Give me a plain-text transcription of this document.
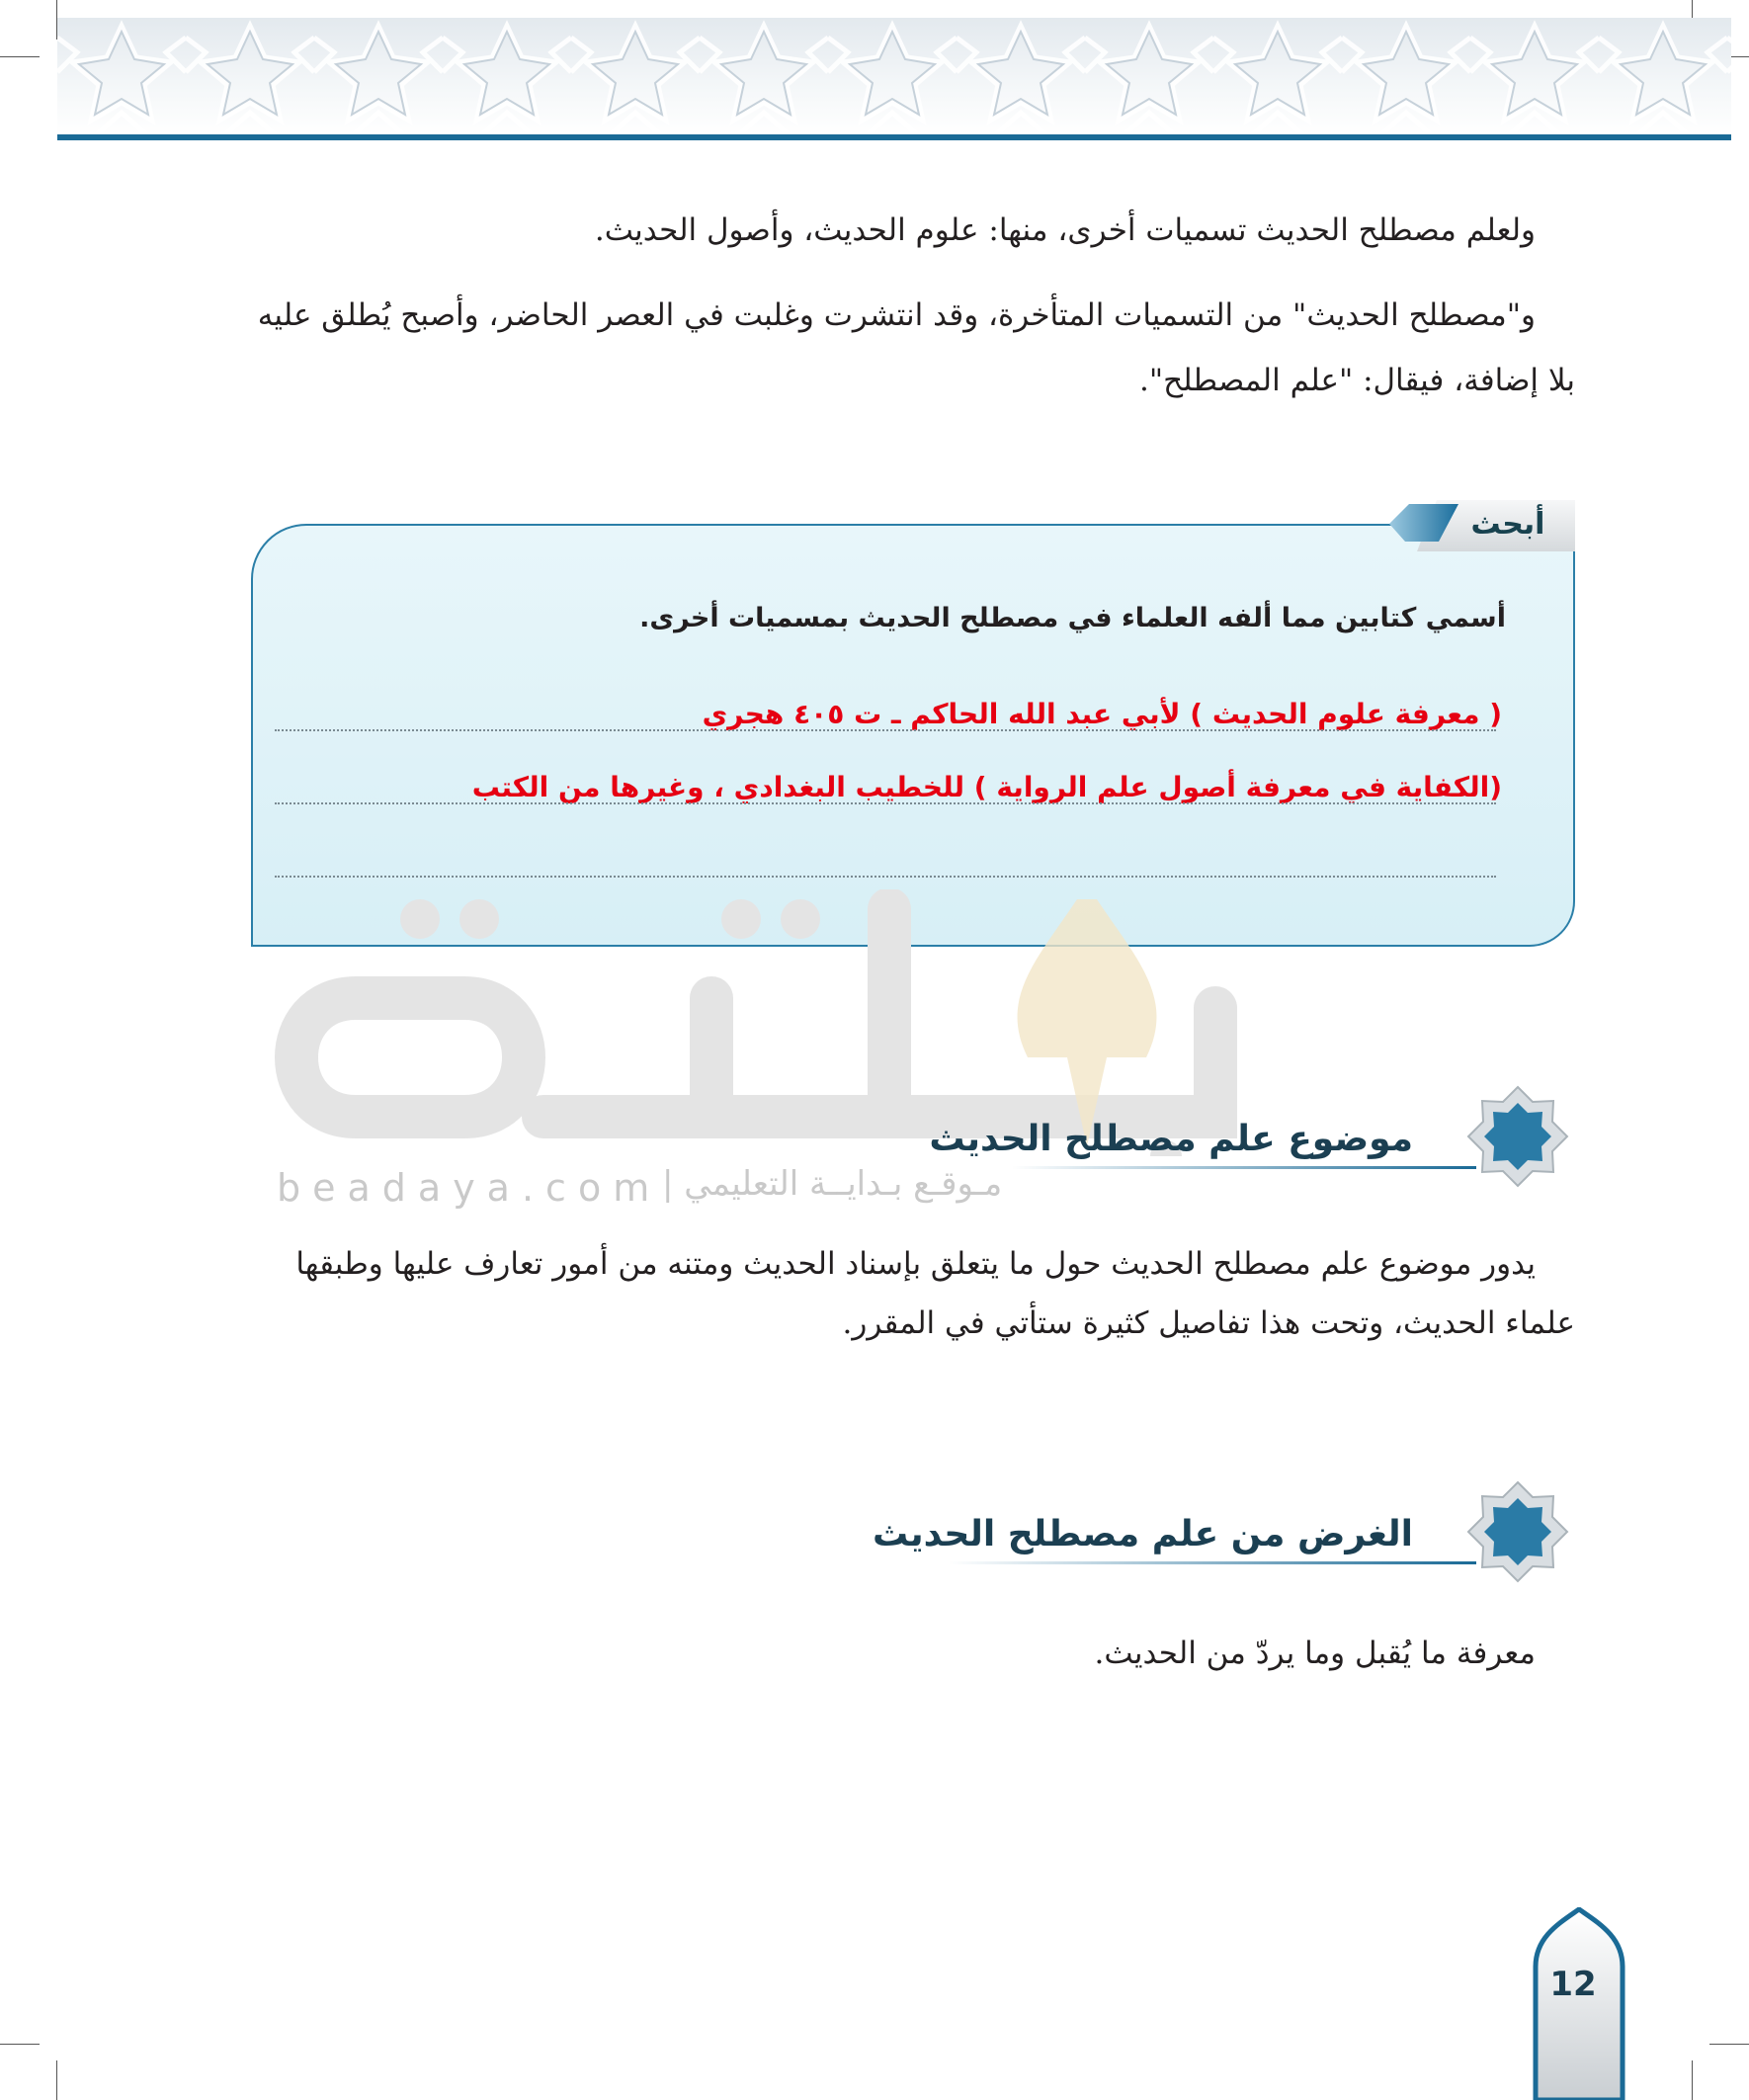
ولعلم مصطلح الحديث تسميات أخرى، منها: علوم الحديث، وأصول الحديث.

و"مصطلح الحديث" من التسميات المتأخرة، وقد انتشرت وغلبت في العصر الحاضر، وأصبح يُطلق عليه

بلا إضافة، فيقال: "علم المصطلح".

أبحث
أسمي كتابين مما ألفه العلماء في مصطلح الحديث بمسميات أخرى.
( معرفة علوم الحديث ) لأبي عبد الله الحاكم ـ ت ٤٠٥ هجري
(الكفاية في معرفة أصول علم الرواية ) للخطيب البغدادي ، وغيرها من الكتب
beadaya.com مـوقـع بـدايــة التعليمي |
موضوع علم مصطلح الحديث

يدور موضوع علم مصطلح الحديث حول ما يتعلق بإسناد الحديث ومتنه من أمور تعارف عليها وطبقها

علماء الحديث، وتحت هذا تفاصيل كثيرة ستأتي في المقرر.

الغرض من علم مصطلح الحديث

معرفة ما يُقبل وما يردّ من الحديث.

12
